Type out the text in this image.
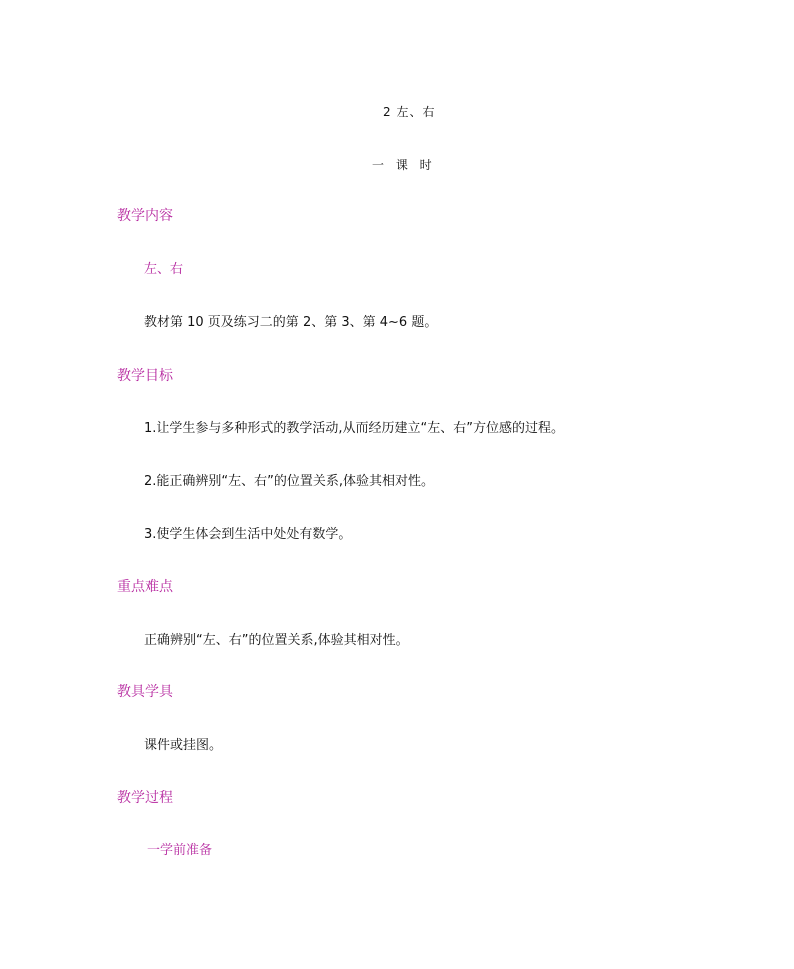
2 左、右
一 课 时
教学内容
左、右
教材第 10 页及练习二的第 2、第 3、第 4~6 题。
教学目标
1.让学生参与多种形式的教学活动,从而经历建立“左、右”方位感的过程。
2.能正确辨别“左、右”的位置关系,体验其相对性。
3.使学生体会到生活中处处有数学。
重点难点
正确辨别“左、右”的位置关系,体验其相对性。
教具学具
课件或挂图。
教学过程
一学前准备
